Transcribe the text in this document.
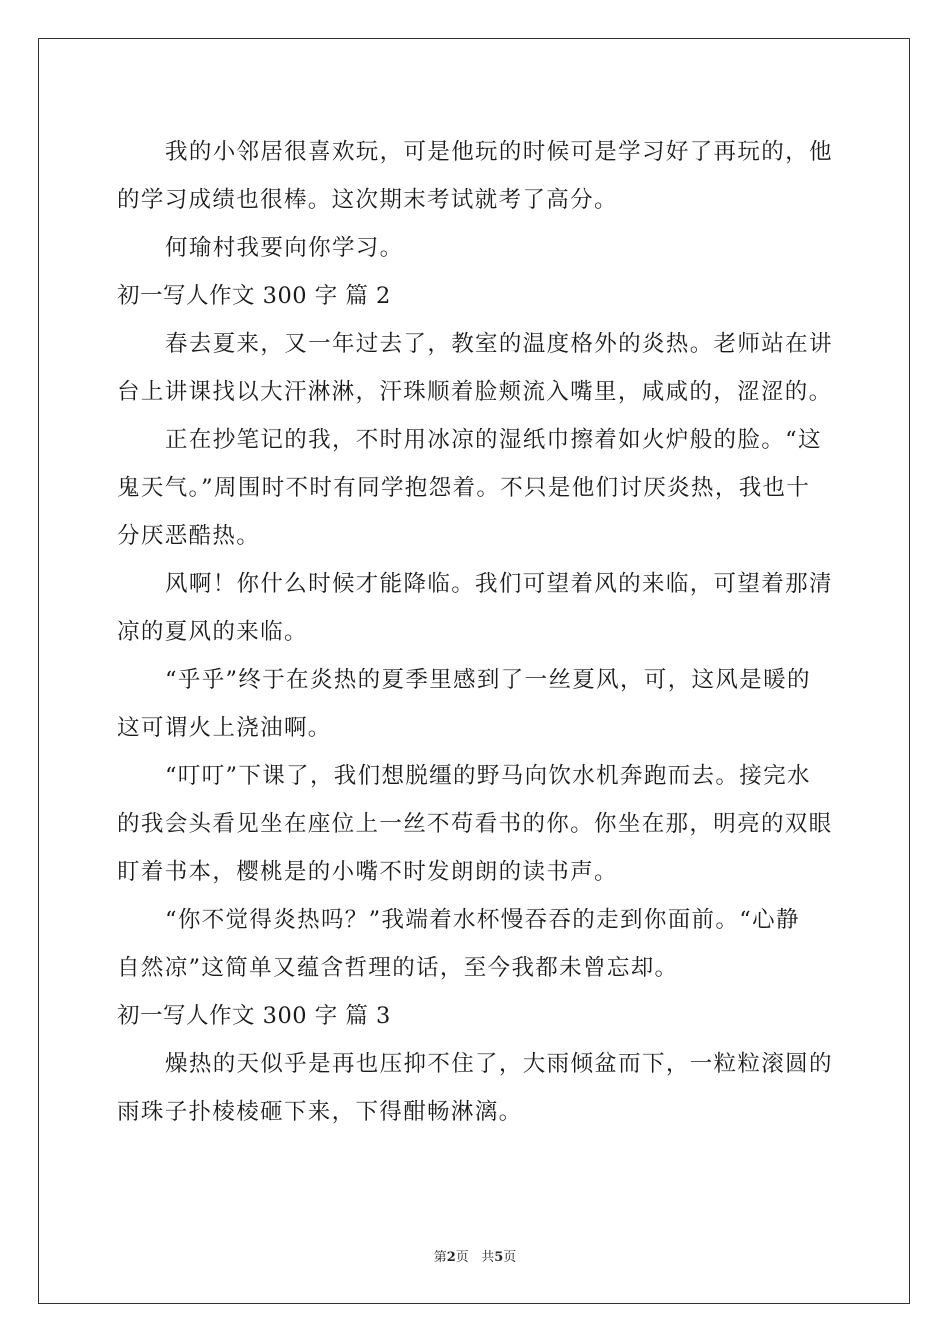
我的小邻居很喜欢玩，可是他玩的时候可是学习好了再玩的，他
的学习成绩也很棒。这次期末考试就考了高分。
何瑜村我要向你学习。
初一写人作文 300 字 篇 2
春去夏来，又一年过去了，教室的温度格外的炎热。老师站在讲
台上讲课找以大汗淋淋，汗珠顺着脸颊流入嘴里，咸咸的，涩涩的。
正在抄笔记的我，不时用冰凉的湿纸巾擦着如火炉般的脸。“这
鬼天气。”周围时不时有同学抱怨着。不只是他们讨厌炎热，我也十
分厌恶酷热。
风啊！你什么时候才能降临。我们可望着风的来临，可望着那清
凉的夏风的来临。
“乎乎”终于在炎热的夏季里感到了一丝夏风，可，这风是暖的
这可谓火上浇油啊。
“叮叮”下课了，我们想脱缰的野马向饮水机奔跑而去。接完水
的我会头看见坐在座位上一丝不苟看书的你。你坐在那，明亮的双眼
盯着书本，樱桃是的小嘴不时发朗朗的读书声。
“你不觉得炎热吗？”我端着水杯慢吞吞的走到你面前。“心静
自然凉”这简单又蕴含哲理的话，至今我都未曾忘却。
初一写人作文 300 字 篇 3
燥热的天似乎是再也压抑不住了，大雨倾盆而下，一粒粒滚圆的
雨珠子扑棱棱砸下来，下得酣畅淋漓。
第2页 共5页
